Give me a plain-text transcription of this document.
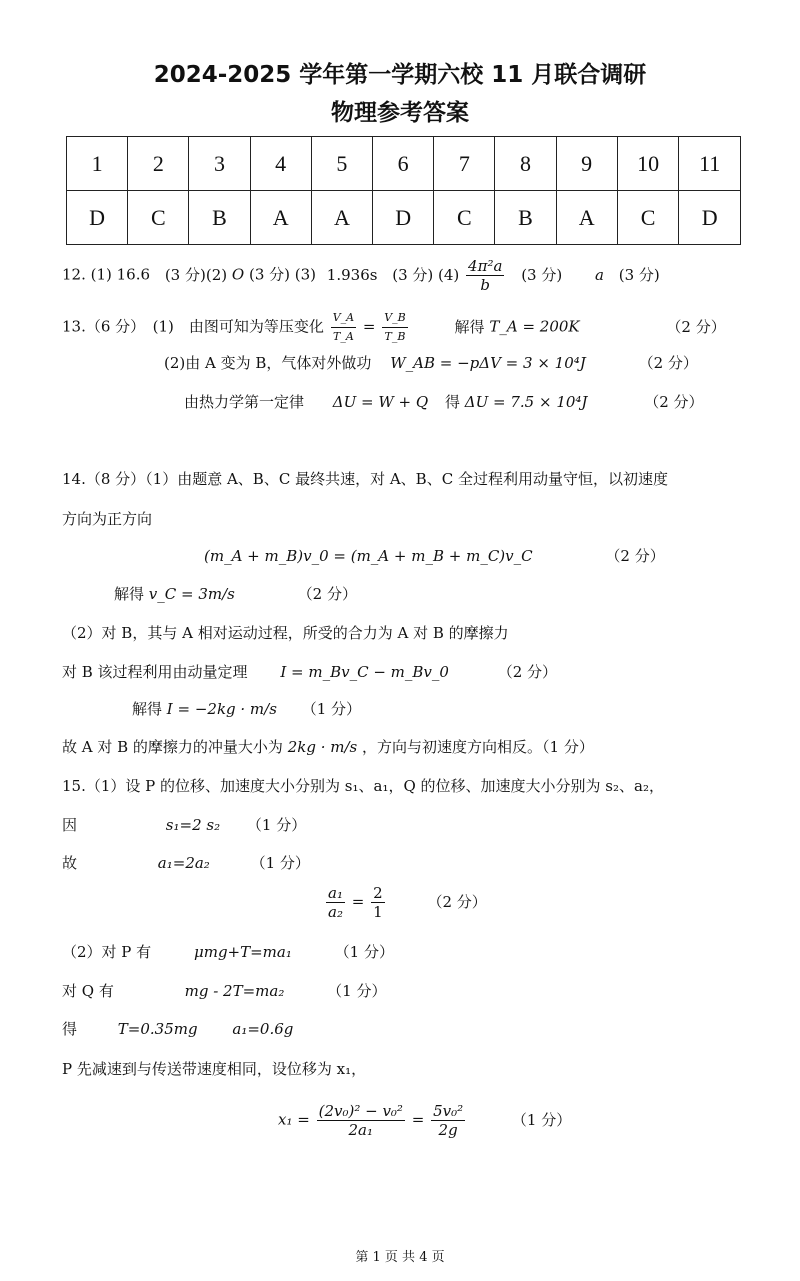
2024-2025 学年第一学期六校 11 月联合调研
物理参考答案
1	2	3	4	5	6	7	8	9	10	11
D	C	B	A	A	D	C	B	A	C	D
12. (1) 16.6 (3 分)(2) O (3 分) (3) 1.936s (3 分) $(4) \frac{\text{4π²a}}{b} (3$ 分) a (3 分)
13.（6 分）　(1)　由图可知为等压变化 $\frac{V\_A}{T\_A} = \frac{V\_B}{T\_B}$	解得 T_A = 200K	（2 分）
(2)由 A 变为 B，气体对外做功 W_AB = −pΔV = 3 × 10⁴J	（2 分）
由热力学第一定律 ΔU = W + Q 得 ΔU = 7.5 × 10⁴J	（2 分）
14.（8 分）（1）由题意 A、B、C 最终共速，对 A、B、C 全过程利用动量守恒，以初速度
方向为正方向
(m_A + m_B)v_0 = (m_A + m_B + m_C)v_C	（2 分）
解得 v_C = 3m/s	（2 分）
（2）对 B，其与 A 相对运动过程，所受的合力为 A 对 B 的摩擦力
对 B 该过程利用由动量定理 I = m_Bv_C − m_Bv_0	（2 分）
解得 I = −2kg · m/s （1 分）
故 A 对 B 的摩擦力的冲量大小为 2kg · m/s ，方向与初速度方向相反。（1 分）
15.（1）设 P 的位移、加速度大小分别为 s₁、a₁，Q 的位移、加速度大小分别为 s₂、a₂，
因	s₁=2 s₂ （1 分）
故	a₁=2a₂	（1 分）
$\frac{\text{a₁}}{\text{a₂}} = \frac{2}{1}$	（2 分）
（2）对 P 有	μmg+T=ma₁	（1 分）
对 Q 有	mg - 2T=ma₂	（1 分）
得	T=0.35mg a₁=0.6g
P 先减速到与传送带速度相同，设位移为 x₁，
$x_1 = \frac{\text{(2v₀)² − v₀²}}{\text{2a₁}} = \frac{\text{5v₀²}}{2g}$	（1 分）
第 1 页 共 4 页
